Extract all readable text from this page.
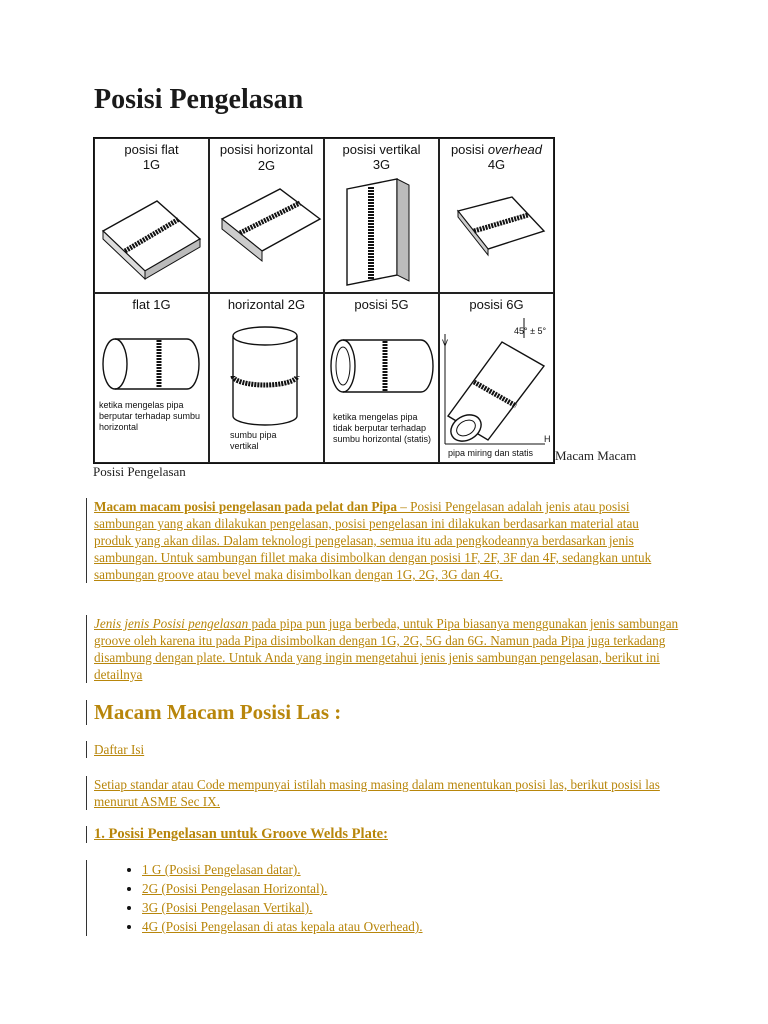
Posisi Pengelasan
posisi flat
1G
posisi horizontal
2G
posisi vertikal
3G
posisi overhead
4G
flat 1G
ketika mengelas pipa berputar terhadap sumbu horizontal
horizontal 2G
sumbu pipa vertikal
posisi 5G
ketika mengelas pipa tidak berputar terhadap sumbu horizontal (statis)
posisi 6G
45° ± 5°
V
H
pipa miring dan statis	Macam Macam
Posisi Pengelasan

Macam macam posisi pengelasan pada pelat dan Pipa – Posisi Pengelasan adalah jenis atau posisi sambungan yang akan dilakukan pengelasan, posisi pengelasan ini dilakukan berdasarkan material atau produk yang akan dilas. Dalam teknologi pengelasan, semua itu ada pengkodeannya berdasarkan jenis sambungan. Untuk sambungan fillet maka disimbolkan dengan posisi 1F, 2F, 3F dan 4F, sedangkan untuk sambungan groove atau bevel maka disimbolkan dengan 1G, 2G, 3G dan 4G.

Jenis jenis Posisi pengelasan pada pipa pun juga berbeda, untuk Pipa biasanya menggunakan jenis sambungan groove oleh karena itu pada Pipa disimbolkan dengan 1G, 2G, 5G dan 6G. Namun pada Pipa juga terkadang disambung dengan plate. Untuk Anda yang ingin mengetahui jenis jenis sambungan pengelasan, berikut ini detailnya

Macam Macam Posisi Las :
Daftar Isi

Setiap standar atau Code mempunyai istilah masing masing dalam menentukan posisi las, berikut posisi las menurut ASME Sec IX.

1. Posisi Pengelasan untuk Groove Welds Plate:
• 1 G (Posisi Pengelasan datar).
• 2G (Posisi Pengelasan Horizontal).
• 3G (Posisi Pengelasan Vertikal).
• 4G (Posisi Pengelasan di atas kepala atau Overhead).
